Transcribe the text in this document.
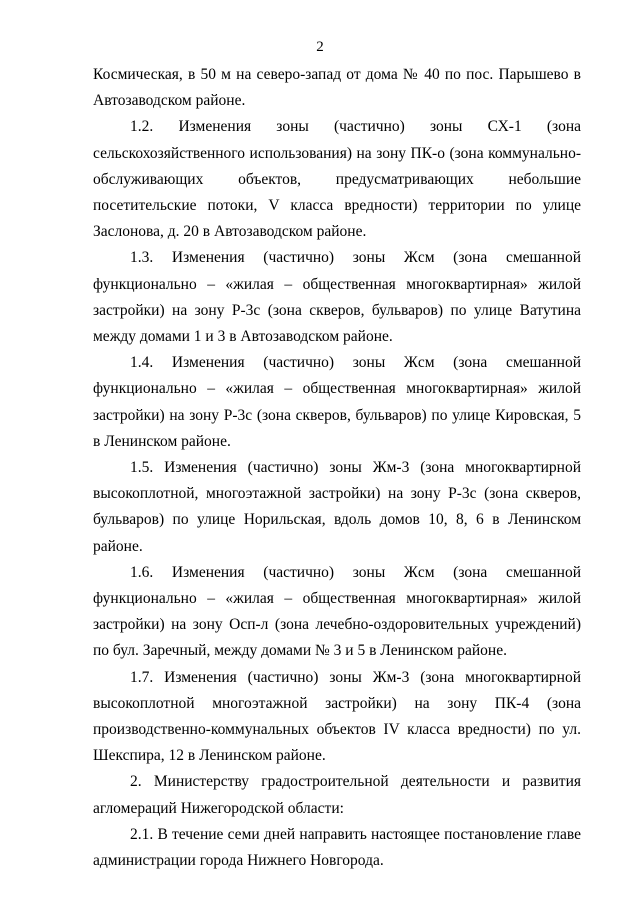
2

Космическая, в 50 м на северо-запад от дома № 40 по пос. Парышево в Автозаводском районе.

1.2. Изменения зоны (частично) зоны СХ-1 (зона сельскохозяйственного использования) на зону ПК-о (зона коммунально-обслуживающих объектов, предусматривающих небольшие посетительские потоки, V класса вредности) территории по улице Заслонова, д. 20 в Автозаводском районе.

1.3. Изменения (частично) зоны Жсм (зона смешанной функционально – «жилая – общественная многоквартирная» жилой застройки) на зону Р-3с (зона скверов, бульваров) по улице Ватутина между домами 1 и 3 в Автозаводском районе.

1.4. Изменения (частично) зоны Жсм (зона смешанной функционально – «жилая – общественная многоквартирная» жилой застройки) на зону Р-3с (зона скверов, бульваров) по улице Кировская, 5 в Ленинском районе.

1.5. Изменения (частично) зоны Жм-3 (зона многоквартирной высокоплотной, многоэтажной застройки) на зону Р-3с (зона скверов, бульваров) по улице Норильская, вдоль домов 10, 8, 6 в Ленинском районе.

1.6. Изменения (частично) зоны Жсм (зона смешанной функционально – «жилая – общественная многоквартирная» жилой застройки) на зону Осп-л (зона лечебно-оздоровительных учреждений) по бул. Заречный, между домами № 3 и 5 в Ленинском районе.

1.7. Изменения (частично) зоны Жм-3 (зона многоквартирной высокоплотной многоэтажной застройки) на зону ПК-4 (зона производственно-коммунальных объектов IV класса вредности) по ул. Шекспира, 12 в Ленинском районе.

2. Министерству градостроительной деятельности и развития агломераций Нижегородской области:

2.1. В течение семи дней направить настоящее постановление главе администрации города Нижнего Новгорода.
